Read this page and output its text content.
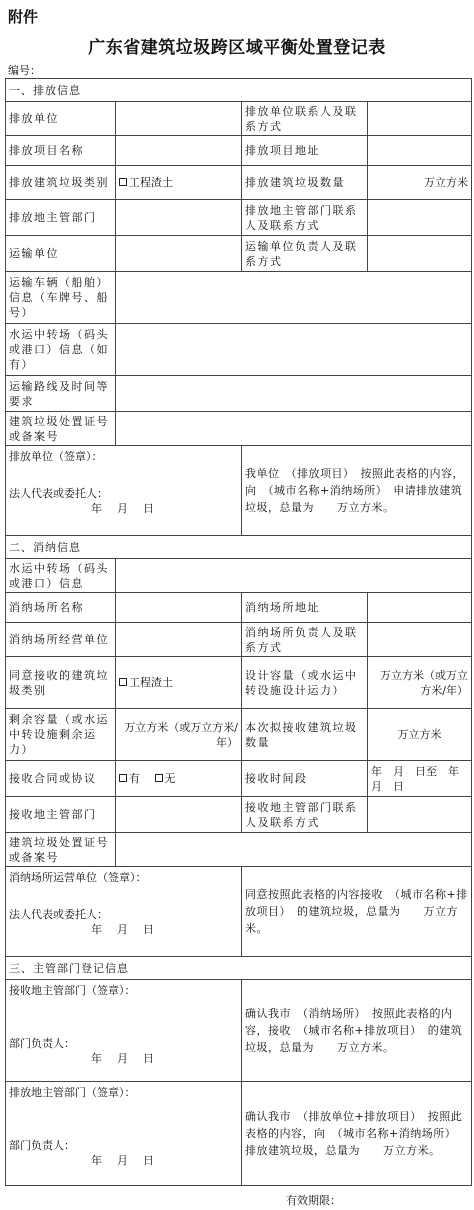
附件
广东省建筑垃圾跨区域平衡处置登记表
编号：
一、排放信息			
排放单位		排放单位联系人及联系方式	
排放项目名称		排放项目地址	
排放建筑垃圾类别	工程渣土	排放建筑垃圾数量	万立方米
排放地主管部门		排放地主管部门联系人及联系方式	
运输单位		运输单位负责人及联系方式	
运输车辆（船舶）信息（车牌号、船号）			
水运中转场（码头或港口）信息（如有）			
运输路线及时间等要求			
建筑垃圾处置证号或备案号			

排放单位（签章）：
法人代表或委托人：
年　月　日		我单位　（排放项目）　按照此表格的内容，向　（城市名称+消纳场所）　申请排放建筑垃圾，总量为　　万立方米。	
二、消纳信息			
水运中转场（码头或港口）信息			
消纳场所名称		消纳场所地址	
消纳场所经营单位		消纳场所负责人及联系方式	
同意接收的建筑垃圾类别	工程渣土	设计容量（或水运中转设施设计运力）	万立方米（或万立方米/年）
剩余容量（或水运中转设施剩余运力）	万立方米（或万立方米/年）	本次拟接收建筑垃圾数量	万立方米
接收合同或协议	有　 无	接收时间段	年　月　日至　年　月　日
接收地主管部门		接收地主管部门联系人及联系方式	
建筑垃圾处置证号或备案号			

消纳场所运营单位（签章）：
法人代表或委托人：
年　月　日		同意按照此表格的内容接收　（城市名称+排放项目）　的建筑垃圾，总量为　　万立方米。	
三、主管部门登记信息			

接收地主管部门（签章）：
部门负责人：
年　月　日		确认我市　（消纳场所）　按照此表格的内容，接收　（城市名称+排放项目）　的建筑垃圾，总量为　　万立方米。	

排放地主管部门（签章）：
部门负责人：
年　月　日		确认我市　（排放单位+排放项目）　按照此表格的内容，向　（城市名称+消纳场所）　排放建筑垃圾，总量为　　万立方米。	
有效期限：
